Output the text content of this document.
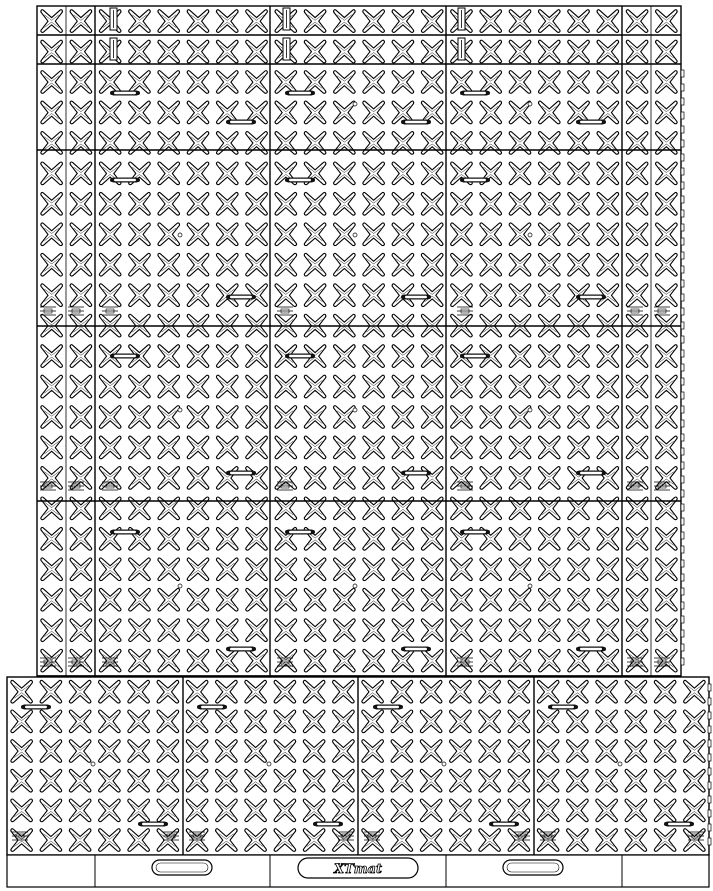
XTmat
